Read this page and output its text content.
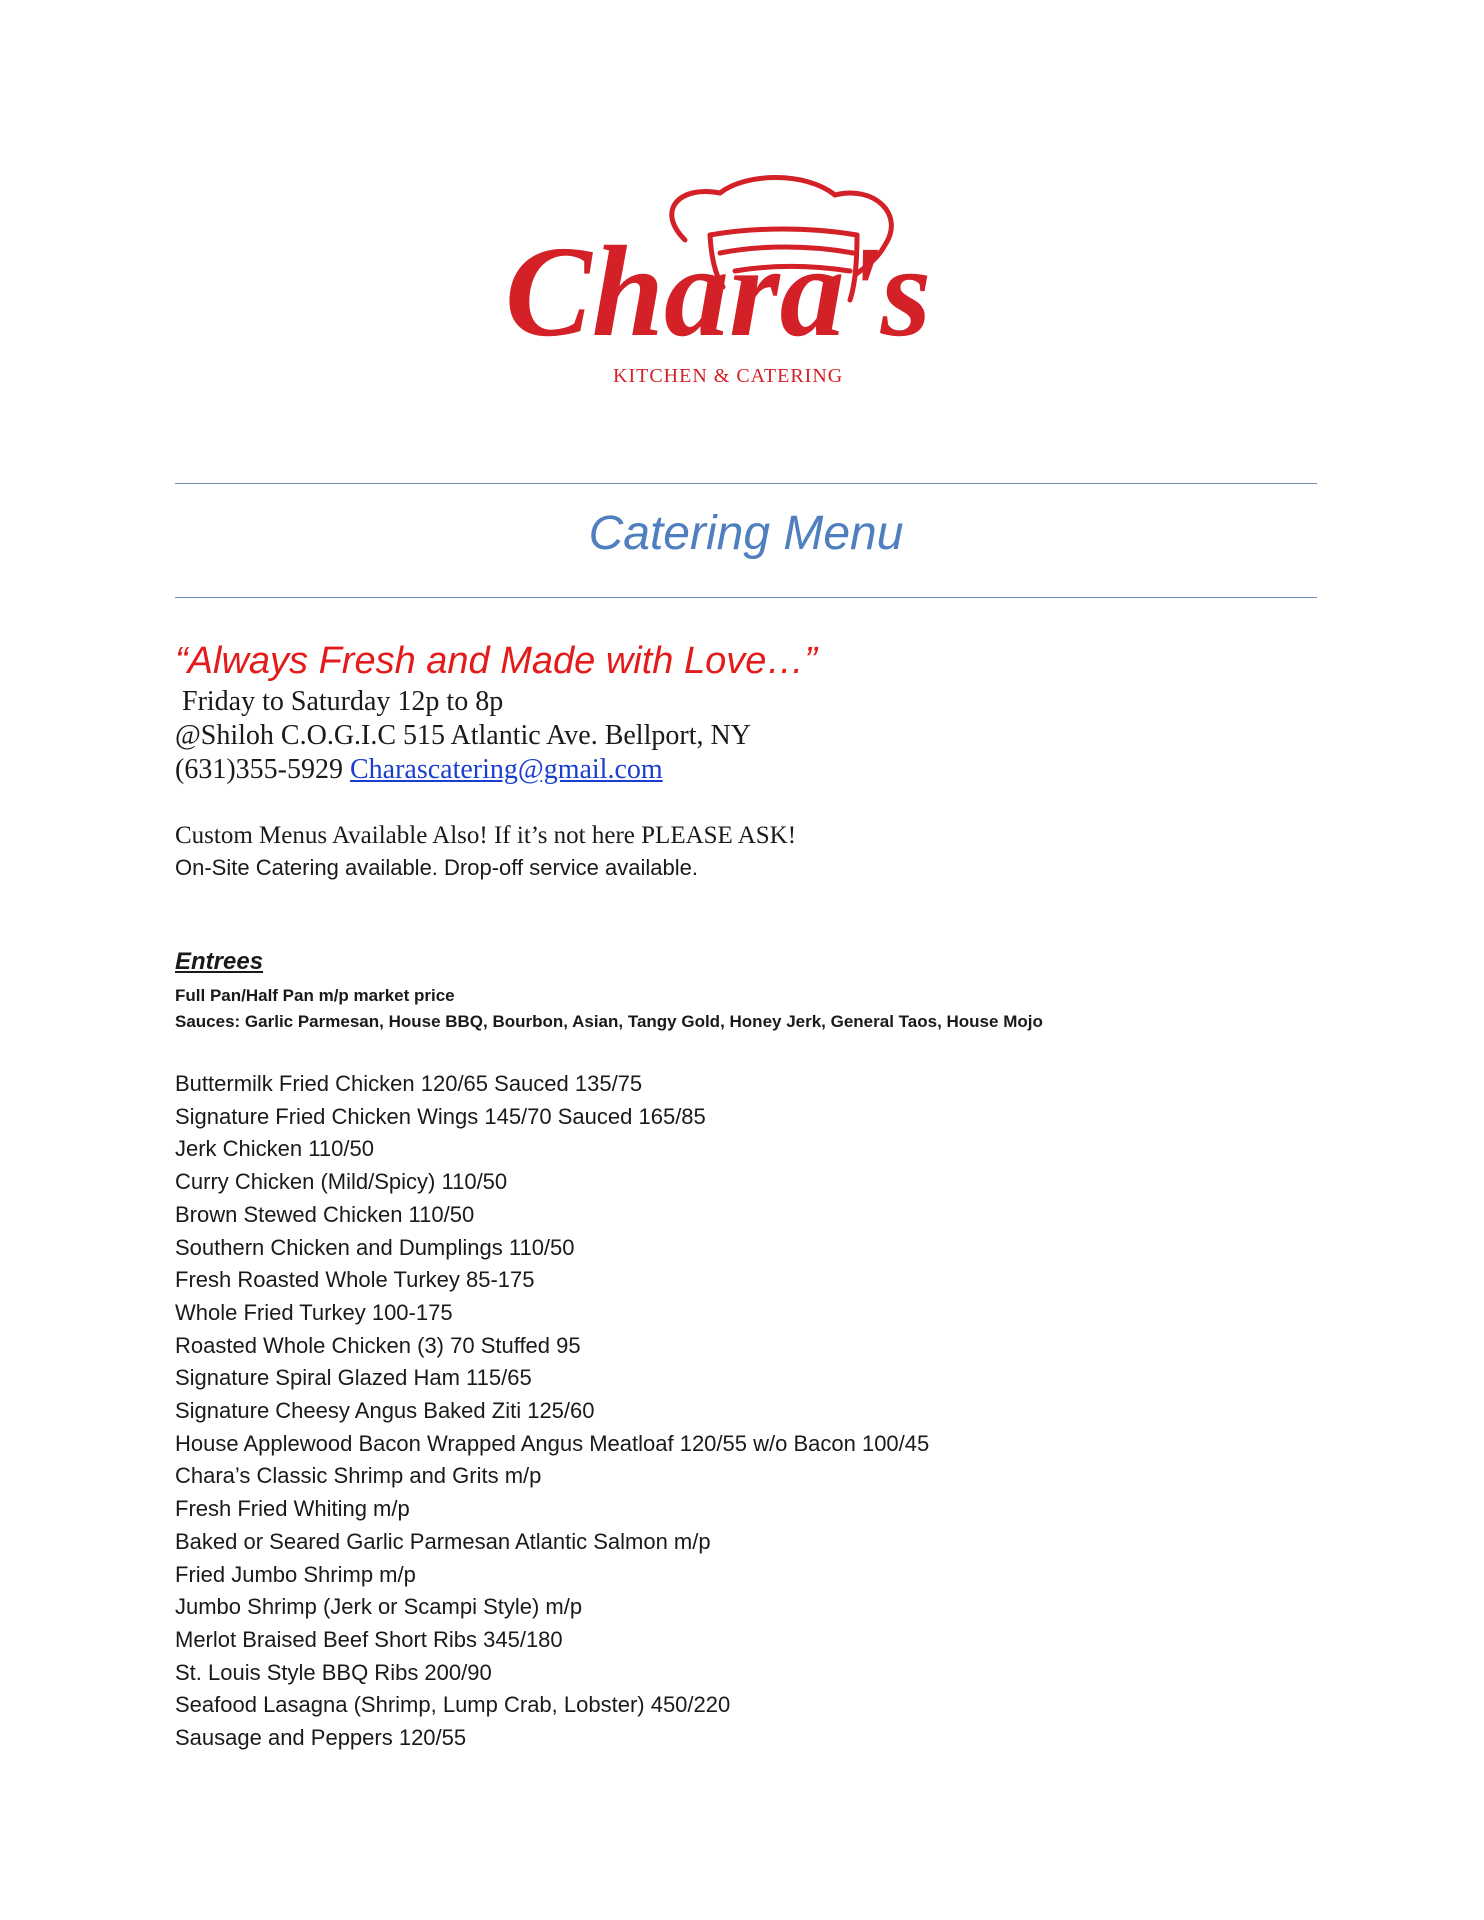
Chara's
KITCHEN & CATERING
Catering Menu
“Always Fresh and Made with Love…”
Friday to Saturday 12p to 8p
@Shiloh C.O.G.I.C 515 Atlantic Ave. Bellport, NY
(631)355-5929 Charascatering@gmail.com
Custom Menus Available Also! If it’s not here PLEASE ASK!
On-Site Catering available. Drop-off service available.
Entrees
Full Pan/Half Pan m/p market price
Sauces: Garlic Parmesan, House BBQ, Bourbon, Asian, Tangy Gold, Honey Jerk, General Taos, House Mojo
Buttermilk Fried Chicken 120/65 Sauced 135/75
Signature Fried Chicken Wings 145/70 Sauced 165/85
Jerk Chicken 110/50
Curry Chicken (Mild/Spicy) 110/50
Brown Stewed Chicken 110/50
Southern Chicken and Dumplings 110/50
Fresh Roasted Whole Turkey 85-175
Whole Fried Turkey 100-175
Roasted Whole Chicken (3) 70 Stuffed 95
Signature Spiral Glazed Ham 115/65
Signature Cheesy Angus Baked Ziti 125/60
House Applewood Bacon Wrapped Angus Meatloaf 120/55 w/o Bacon 100/45
Chara’s Classic Shrimp and Grits m/p
Fresh Fried Whiting m/p
Baked or Seared Garlic Parmesan Atlantic Salmon m/p
Fried Jumbo Shrimp m/p
Jumbo Shrimp (Jerk or Scampi Style) m/p
Merlot Braised Beef Short Ribs 345/180
St. Louis Style BBQ Ribs 200/90
Seafood Lasagna (Shrimp, Lump Crab, Lobster) 450/220
Sausage and Peppers 120/55
